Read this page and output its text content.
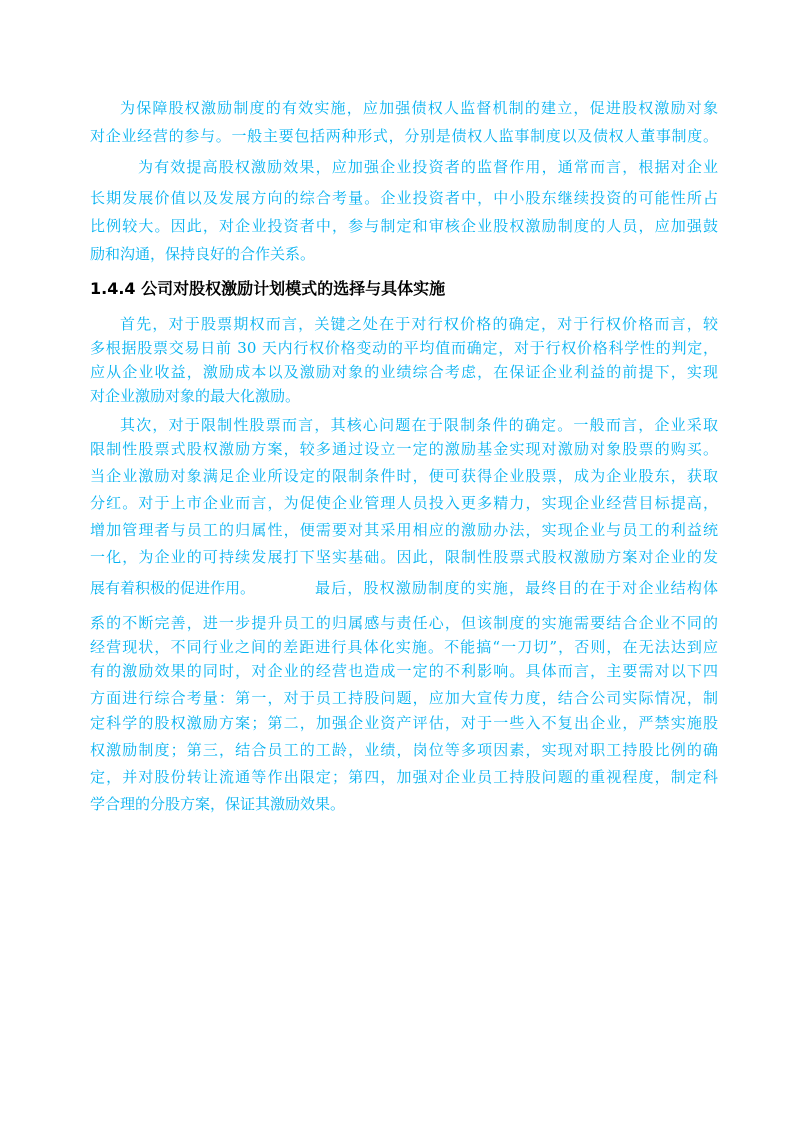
为保障股权激励制度的有效实施，应加强债权人监督机制的建立，促进股权激励对象

对企业经营的参与。一般主要包括两种形式，分别是债权人监事制度以及债权人董事制度。

为有效提高股权激励效果，应加强企业投资者的监督作用，通常而言，根据对企业

长期发展价值以及发展方向的综合考量。企业投资者中，中小股东继续投资的可能性所占

比例较大。因此，对企业投资者中，参与制定和审核企业股权激励制度的人员，应加强鼓

励和沟通，保持良好的合作关系。

1.4.4 公司对股权激励计划模式的选择与具体实施

首先，对于股票期权而言，关键之处在于对行权价格的确定，对于行权价格而言，较

多根据股票交易日前 30 天内行权价格变动的平均值而确定，对于行权价格科学性的判定，

应从企业收益，激励成本以及激励对象的业绩综合考虑，在保证企业利益的前提下，实现

对企业激励对象的最大化激励。

其次，对于限制性股票而言，其核心问题在于限制条件的确定。一般而言，企业采取

限制性股票式股权激励方案，较多通过设立一定的激励基金实现对激励对象股票的购买。

当企业激励对象满足企业所设定的限制条件时，便可获得企业股票，成为企业股东，获取

分红。对于上市企业而言，为促使企业管理人员投入更多精力，实现企业经营目标提高，

增加管理者与员工的归属性，便需要对其采用相应的激励办法，实现企业与员工的利益统

一化，为企业的可持续发展打下坚实基础。因此，限制性股票式股权激励方案对企业的发

展有着积极的促进作用。	最后，股权激励制度的实施，最终目的在于对企业结构体

系的不断完善，进一步提升员工的归属感与责任心，但该制度的实施需要结合企业不同的

经营现状，不同行业之间的差距进行具体化实施。不能搞“一刀切”，否则，在无法达到应

有的激励效果的同时，对企业的经营也造成一定的不利影响。具体而言，主要需对以下四

方面进行综合考量：第一，对于员工持股问题，应加大宣传力度，结合公司实际情况，制

定科学的股权激励方案；第二，加强企业资产评估，对于一些入不复出企业，严禁实施股

权激励制度；第三，结合员工的工龄，业绩，岗位等多项因素，实现对职工持股比例的确

定，并对股份转让流通等作出限定；第四，加强对企业员工持股问题的重视程度，制定科

学合理的分股方案，保证其激励效果。
